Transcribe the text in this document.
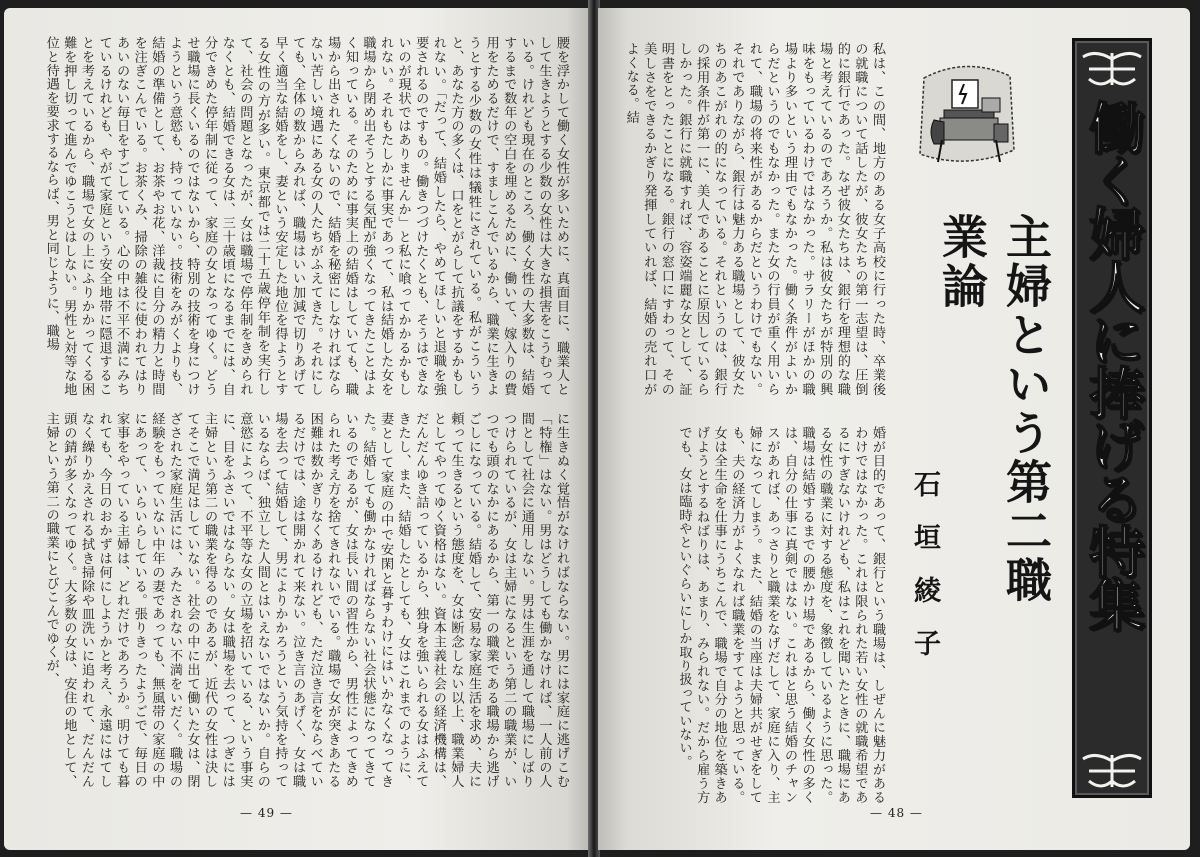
腰を浮かして働く女性が多いために、真面目に、職業人として生きようとする少数の女性は大きな損害をこうむっている。けれども現在のところ、働く女性の大多数は、結婚するまで数年の空白を埋めるために、働いて、嫁入りの費用をためるだけで、すましこんでいるから、職業に生きようとする少数の女性は犠牲にされている。私がこういうと、あなた方の多くは、口をとがらして抗議をするかもしれない。「だって、結婚したら、やめてほしいと退職を強要されるのですもの。働きつづけたくとも、そうはできないのが現状ではありませんか」と私に喰ってかかるかもしれない。それもたしかに事実であって、私は結婚した女を職場から閉め出そうとする気配が強くなってきたことはよく知っている。そのために事実上の結婚はしていても、職場から出されたくないので、結婚を秘密にしなければならない苦しい境遇にある女の人たちがふえてきた。それにしても、全体の数からみれば、職場はいい加減で切りあげて早く適当な結婚をし、妻という安定した地位を得ようとする女性の方が多い。東京都では二十五歳停年制を実行して、社会の問題となったが、女は職場で停年制をきめられなくとも、結婚できる女は、三十歳頃になるまでには、自分できめた停年制に従って、家庭の女となってゆく。どうせ職場に長くいるのではないから、特別の技術を身につけようという意慾も、持っていない。技術をみがくよりも、結婚の準備として、お茶やお花、洋裁に自分の精力と時間を注ぎこんでいる。お茶くみ、掃除の雑役に使われてはりあいのない毎日をすごしている。心の中は不平不満にみちているけれども、やがて家庭という安全地帯に隠退することを考えているから、職場で女の上にふりかかってくる困難を押し切って進んでゆこうとはしない。男性と対等な地位と待遇を要求するならば、男と同じように、職場
に生きぬく覚悟がなければならない。男には家庭に逃げこむ「特権」はない。男はどうしても働かなければ、一人前の人間として社会に通用しない。男は生涯を通して職場にしばりつけられているが、女は主婦になるという第二の職業が、いつでも頭のなかにあるから、第一の職業である職場から逃げごしになっている。結婚して、安易な家庭生活を求め、夫に頼って生きるという態度を、女は断念しない以上、職業婦人としてやってゆく資格はない。資本主義社会の経済機構は、だんだんゆき詰っているから、独身を強いられる女はふえてきたし、また、結婚したとしても、女はこれまでのように、妻として家庭の中で安閑と暮すわけにはいかなくなってきた。結婚しても働かなければならない社会状態になってきているのであるが、女は長い間の習性から、男性によってきめられた考え方を捨てきれないでいる。職場で女が突きあたる困難は数かぎりなくあるけれども、ただ泣き言をならべているだけでは、途は開かれて来ない。泣き言のあげく、女は職場を去って結婚して、男によりかかろうという気持を持っているならば、独立した人間とはいえないではないか。自らの意慾によって、不平等な女の立場を招いている、という事実に、目をふさいではならない。女は職場を去って、つぎには主婦という第二の職業を得るのであるが、近代の女性は決してそこで満足はしていない。社会の中に出て働いた女は、閉ざされた家庭生活には、みたされない不満をいだく。職場の経験をもっていない中年の妻であっても、無風帯の家庭の中にあって、いらいらしている。張りきったようごで、毎日の家事をやっている主婦は、どれだけであろうか。明けても暮れても、今日のおかずは何にしようかと考え、永遠にはてしなく繰りかえされる拭き掃除や皿洗いに追われて、だんだん頭の錆が多くなってゆく。大多数の女は、安住の地として、主婦という第二の職業にとびこんでゆくが、
— 49 —
私は、この間、地方のある女子高校に行った時、卒業後の就職について話したが、彼女たちの第一志望は、圧倒的に銀行であった。なぜ彼女たちは、銀行を理想的な職場と考えているのであろうか。私は彼女たちが特別の興味をもっているわけではなかった。サラリーがほかの職場より多いという理由でもなかった。働く条件がよいからだというのでもなかった。また女の行員が重く用いられて、職場の将来性があるからだというわけでもない。それでありながら、銀行は魅力ある職場として、彼女たちのあこがれの的になっている。それというのは、銀行の採用条件が第一に、美人であることに原因しているらしかった。銀行に就職すれば、容姿端麗な女として、証明書をとったことになる。銀行の窓口にすわって、その美しさをできるかぎり発揮していれば、結婚の売れ口がよくなる。結
主婦という第二職業論
石垣綾子
婚が目的であって、銀行という職場は、しぜんに魅力があるわけではなかった。これは限られた若い女性の就職希望であるにすぎないけれども、私はこれを聞いたときに、職場にある女性の職業に対する態度を、象徴しているように思った。職場は結婚するまでの腰かけ場であるから、働く女性の多くは、自分の仕事に真剣ではない。これはと思う結婚のチャンスがあれば、あっさりと職業をなげだして、家庭に入り、主婦になってしまう。また、結婚の当座は夫婦共がせぎをしても、夫の経済力がよくなれば職業をすてようと思っている。女は全生命を仕事にうちこんで、職場で自分の地位を築きあげようとするねばりは、あまり、みられない。だから雇う方でも、女は臨時やといぐらいにしか取り扱っていない。	働く婦人に捧げる特集
— 48 —
